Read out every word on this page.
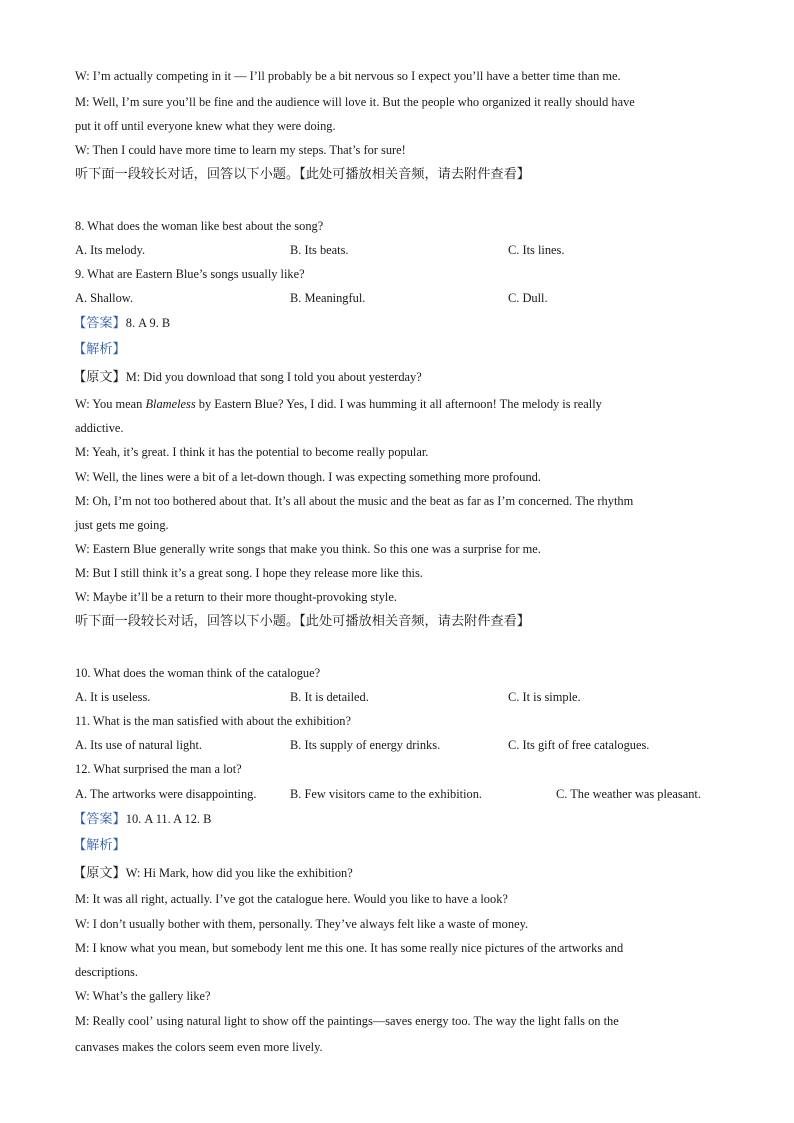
W: I’m actually competing in it — I’ll probably be a bit nervous so I expect you’ll have a better time than me.
M: Well, I’m sure you’ll be fine and the audience will love it. But the people who organized it really should have
put it off until everyone knew what they were doing.
W: Then I could have more time to learn my steps. That’s for sure!
听下面一段较长对话，回答以下小题。【此处可播放相关音频，请去附件查看】
8. What does the woman like best about the song?
A. Its melody.	B. Its beats.	C. Its lines.
9. What are Eastern Blue’s songs usually like?
A. Shallow.	B. Meaningful.	C. Dull.
【答案】8. A 9. B
【解析】
【原文】M: Did you download that song I told you about yesterday?
W: You mean Blameless by Eastern Blue? Yes, I did. I was humming it all afternoon! The melody is really
addictive.
M: Yeah, it’s great. I think it has the potential to become really popular.
W: Well, the lines were a bit of a let-down though. I was expecting something more profound.
M: Oh, I’m not too bothered about that. It’s all about the music and the beat as far as I’m concerned. The rhythm
just gets me going.
W: Eastern Blue generally write songs that make you think. So this one was a surprise for me.
M: But I still think it’s a great song. I hope they release more like this.
W: Maybe it’ll be a return to their more thought-provoking style.
听下面一段较长对话，回答以下小题。【此处可播放相关音频，请去附件查看】
10. What does the woman think of the catalogue?
A. It is useless.	B. It is detailed.	C. It is simple.
11. What is the man satisfied with about the exhibition?
A. Its use of natural light.	B. Its supply of energy drinks.	C. Its gift of free catalogues.
12. What surprised the man a lot?
A. The artworks were disappointing.	B. Few visitors came to the exhibition.	C. The weather was pleasant.
【答案】10. A 11. A 12. B
【解析】
【原文】W: Hi Mark, how did you like the exhibition?
M: It was all right, actually. I’ve got the catalogue here. Would you like to have a look?
W: I don’t usually bother with them, personally. They’ve always felt like a waste of money.
M: I know what you mean, but somebody lent me this one. It has some really nice pictures of the artworks and
descriptions.
W: What’s the gallery like?
M: Really coolʼ using natural light to show off the paintings—saves energy too. The way the light falls on the
canvases makes the colors seem even more lively.
